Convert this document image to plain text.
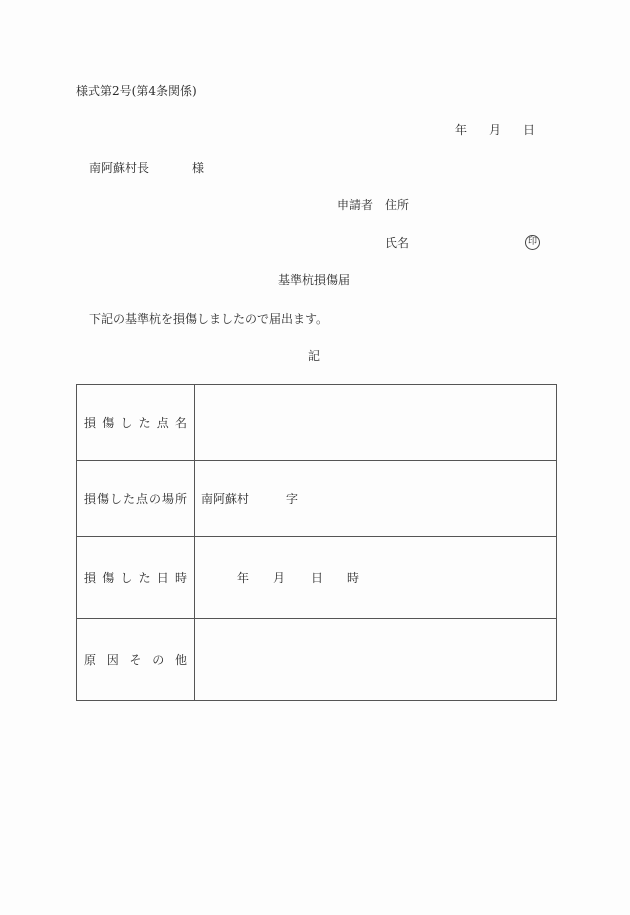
様式第2号(第4条関係)
年 月 日
南阿蘇村長	様
申請者 住所
氏名	印
基準杭損傷届
下記の基準杭を損傷しましたので届出ます。
記
損傷した点名	
損傷した点の場所	南阿蘇村 字
損傷した日時	年 月 日 時
原因その他	
